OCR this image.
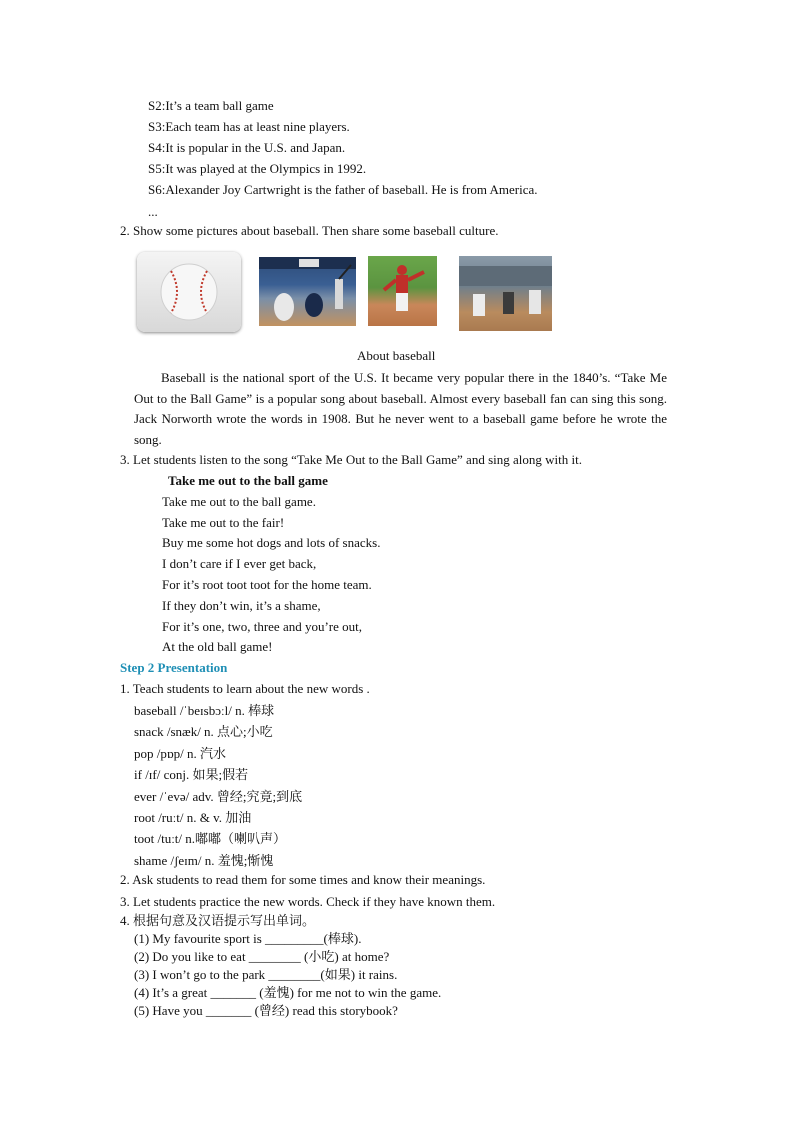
S2:It’s a team ball game
S3:Each team has at least nine players.
S4:It is popular in the U.S. and Japan.
S5:It was played at the Olympics in 1992.
S6:Alexander Joy Cartwright is the father of baseball. He is from America.
...
2. Show some pictures about baseball. Then share some baseball culture.
About baseball
Baseball is the national sport of the U.S. It became very popular there in the 1840’s. “Take Me Out to the Ball Game” is a popular song about baseball. Almost every baseball fan can sing this song. Jack Norworth wrote the words in 1908. But he never went to a baseball game before he wrote the song.
3. Let students listen to the song “Take Me Out to the Ball Game” and sing along with it.
Take me out to the ball game
Take me out to the ball game.
Take me out to the fair!
Buy me some hot dogs and lots of snacks.
I don’t care if I ever get back,
For it’s root toot toot for the home team.
If they don’t win, it’s a shame,
For it’s one, two, three and you’re out,
At the old ball game!
Step 2 Presentation
1. Teach students to learn about the new words .
baseball /ˈbeɪsbɔːl/ n. 棒球
snack /snæk/ n. 点心;小吃
pop /pɒp/ n. 汽水
if /ɪf/ conj. 如果;假若
ever /ˈevə/ adv. 曾经;究竟;到底
root /ruːt/ n. & v. 加油
toot /tuːt/ n.嘟嘟（喇叭声）
shame /ʃeɪm/ n. 羞愧;惭愧
2. Ask students to read them for some times and know their meanings.
3. Let students practice the new words. Check if they have known them.
4. 根据句意及汉语提示写出单词。
(1) My favourite sport is _________(棒球).
(2) Do you like to eat ________ (小吃) at home?
(3) I won’t go to the park ________(如果) it rains.
(4) It’s a great _______ (羞愧) for me not to win the game.
(5) Have you _______ (曾经) read this storybook?
